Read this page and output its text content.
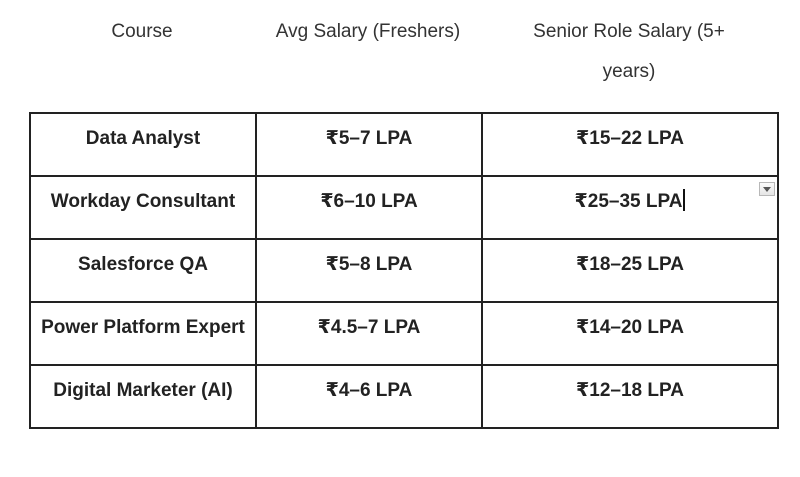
Course	Avg Salary (Freshers)	Senior Role Salary (5+ years)
Data Analyst	₹5–7 LPA	₹15–22 LPA
Workday Consultant	₹6–10 LPA	₹25–35 LPA

Salesforce QA	₹5–8 LPA	₹18–25 LPA
Power Platform Expert	₹4.5–7 LPA	₹14–20 LPA
Digital Marketer (AI)	₹4–6 LPA	₹12–18 LPA
